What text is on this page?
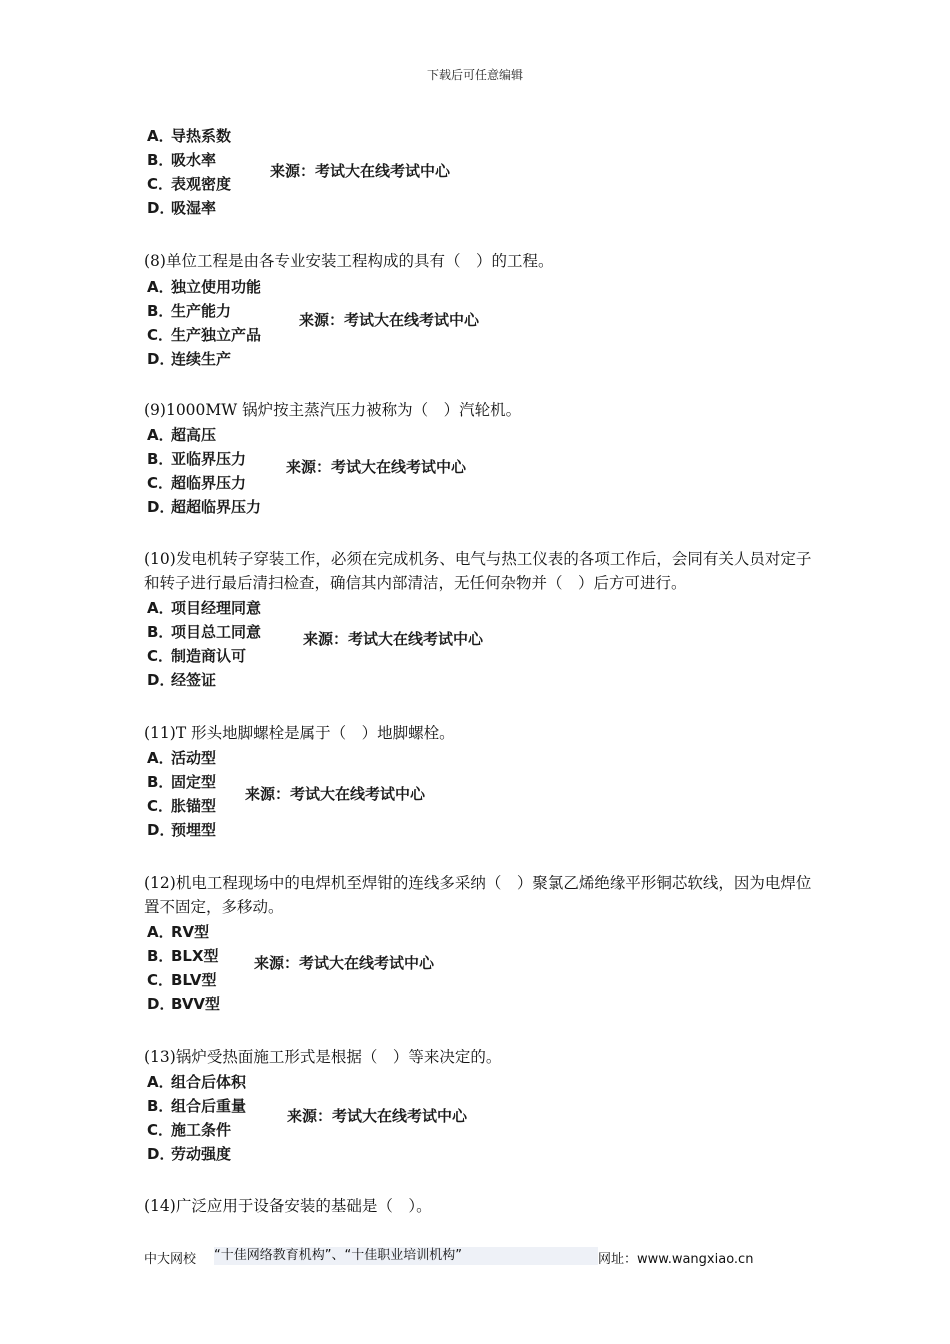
下载后可任意编辑
A．导热系数
B．吸水率
C．表观密度
D．吸湿率
来源：考试大在线考试中心
(8)单位工程是由各专业安装工程构成的具有（　）的工程。
A．独立使用功能
B．生产能力
C．生产独立产品
D．连续生产
来源：考试大在线考试中心
(9)1000MW 锅炉按主蒸汽压力被称为（　）汽轮机。
A．超高压
B．亚临界压力
C．超临界压力
D．超超临界压力
来源：考试大在线考试中心
(10)发电机转子穿装工作，必须在完成机务、电气与热工仪表的各项工作后，会同有关人员对定子和转子进行最后清扫检查，确信其内部清洁，无任何杂物并（　）后方可进行。
A．项目经理同意
B．项目总工同意
C．制造商认可
D．经签证
来源：考试大在线考试中心
(11)T 形头地脚螺栓是属于（　）地脚螺栓。
A．活动型
B．固定型
C．胀锚型
D．预埋型
来源：考试大在线考试中心
(12)机电工程现场中的电焊机至焊钳的连线多采纳（　）聚氯乙烯绝缘平形铜芯软线，因为电焊位置不固定，多移动。
A．RV型
B．BLX型
C．BLV型
D．BVV型
来源：考试大在线考试中心
(13)锅炉受热面施工形式是根据（　）等来决定的。
A．组合后体积
B．组合后重量
C．施工条件
D．劳动强度
来源：考试大在线考试中心
(14)广泛应用于设备安装的基础是（　）。
中大网校 “十佳网络教育机构”、“十佳职业培训机构”	网址：www.wangxiao.cn
